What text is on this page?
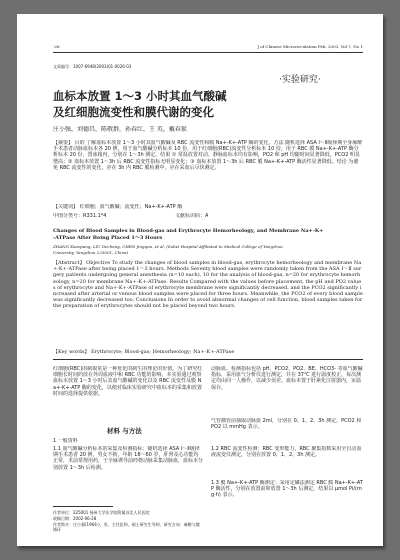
-26-	J of Chinese Microcirculation Feb, 2003, Vol 7, No 1
文章编号：1007-6948(2003)01-0026-03
·实验研究·
血标本放置 1～3 小时其血气酸碱
及红细胞流变性和膜代谢的变化
庄小强，刘德昌，陈敬群，孙春红，王 英，戴春狱
【摘要】 目的 了解血标本放置 1～3 小时其血气酸碱及 RBC 流变性和膜 Na+-K+-ATP 酶的变化，方法 随机选择 ASA Ⅰ～Ⅱ级择期全身麻醉手术患者动脉血标本各 20 例，用于血气酸碱分析标本 10 份，用于红细胞(RBC)流变性分析标本 10 份，用于 RBC 膜 Na+-K+-ATP 酶分析标本 20 份，置冰箱内，分别在 1～3h 测定。结果 ① 常温放置对动、静脉血标本均有影响，PO2 和 pH 均随时间显著降低，PCO2 明显增高；② 血标本放置 1～3h 后 RBC 流变性指标无明显变化；③ 血标本放置 1～3h 后 RBC 膜 Na+-K+-ATP 酶活性显著降低。结论 为避免 RBC 流变性的变化，应在 3h 内 RBC 膜检测中，应在采血后尽快测定。
【关键词】 红细胞；血气酸碱；流变性；Na+-K+-ATP 酶
中图分类号：R331.1*4	文献标识码：A
Changes of Blood Samples in Blood-gas and Erythrocyte Hemorheology, and Membrane Na+-K+
-ATPase After Being Placed 1～3 Hours
ZHANG Xiaoqiang, LIU Dechang, CHEN Jingqun, et al. (Subei Hospital Affiliated to Medical College of Yangzhou
University, Yangzhou 225001, China)
【Abstract】 Objective To study the changes of blood samples in blood-gas, erythrocyte hemorheology and membrane Na+-K+-ATPase after being placed 1～3 hours. Methods Seventy blood samples were randomly taken from the ASA Ⅰ～Ⅱ surgery patients undergoing general anesthesia (n=10 each), 10 for the analysis of blood-gas, n=20 for erythrocyte hemorheology, n=20 for membrane Na+-K+-ATPase. Results Compared with the values before placement, the pH and PO2 values of erythrocyte and Na+-K+-ATPase of erythrocyte membrane were significantly decreased, and the PCO2 significantly increased after arterial or venous blood samples were placed for three hours. Meanwhile, the PCO2 of every blood sample was significantly decreased too. Conclusions In order to avoid abnormal changes of cell function, blood samples taken for the preparation of erythrocytes should not be placed beyond two hours.
【Key words】 Erythrocyte; Blood-gas; Hemorheology; Na+-K+-ATPase
红细胞(RBC)的制取常是一种优化的制生的理论的价值。为了研究红细胞长时间的放在外周血液中和 RBC 功能的影响，本实验通过观察血标本放置 1～3 小时后其血气酸碱的变化以及 RBC 流变性及膜 Na+-K+-ATP 酶的变化，以便对临床实验研究中血标本的采集和放置时间的选择提供依据。
材料 与方法
1 一般资料
1.1 血气酸碱分析标本的采集及检测指标：随机选择 ASA Ⅰ～Ⅱ级择期手术患者 20 例，男女不拘，年龄 18～60 岁，肝肾及心功能均正常，术前常规用药，于全麻诱导前经桡动脉采集动脉血，血标本分别放置 1～3h 后检测。
作者单位：225001 扬州大学医学院附属苏北人民医院
收稿日期：2002-06-28
作者简介：庄小强(1964-)，男，主任医师，硕士研究生导师，研究方向：麻醉与微循环
动脉血。检测指标包括 pH、PCO2、PO2、BE、HCO3- 等血气酸碱指标，采用血气分析仪进行测定，并在 37℃ 进行温度校正，每次测定均由同一人操作，以减少误差。血标本置于肝素化注射器内，室温保存。
气管插管前抽取动脉血 2ml，分别在 0、1、2、3h 测定，PCO2 和 PO2 以 mmHg 表示。
1.2 RBC 流变性检测：RBC 变形能力、RBC 聚集指数采用全自动血液流变仪测定，分别在放置 0、1、2、3h 测定。
1.3 膜 Na+-K+-ATP 酶测定：采用定磷法测定 RBC 膜 Na+-K+-ATP 酶活性，分别在放置前和放置 1～3h 后测定，结果以 μmol Pi/(mg·h) 表示。
